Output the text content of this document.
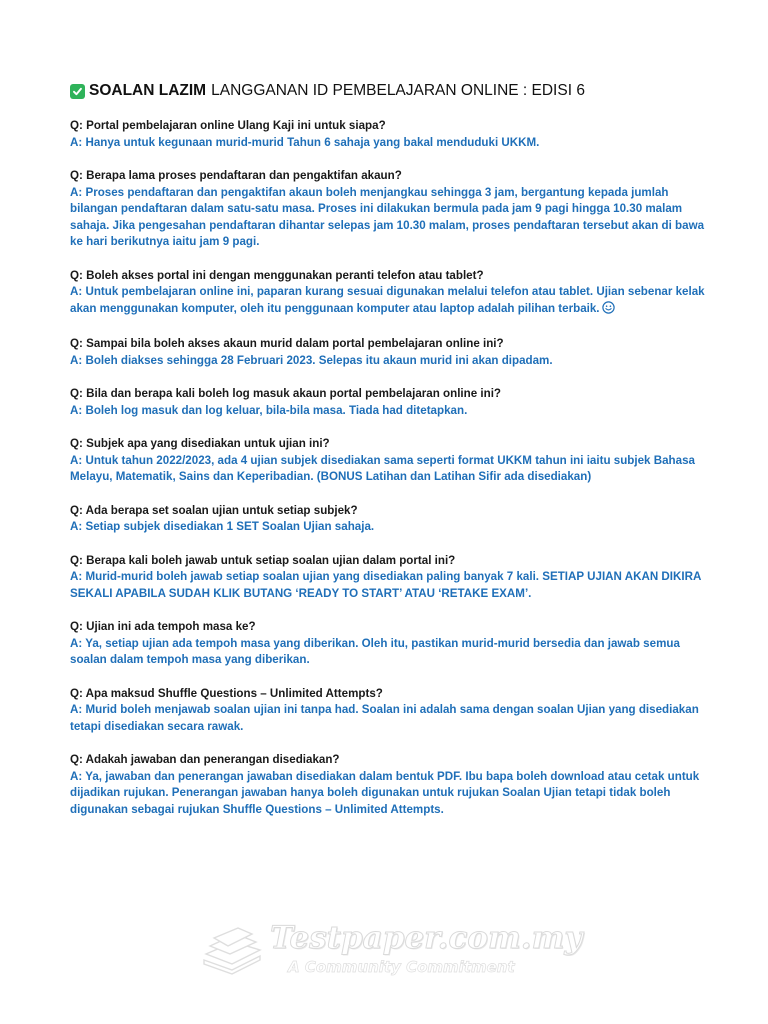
SOALAN LAZIM LANGGANAN ID PEMBELAJARAN ONLINE : EDISI 6
Q: Portal pembelajaran online Ulang Kaji ini untuk siapa?
A: Hanya untuk kegunaan murid-murid Tahun 6 sahaja yang bakal menduduki UKKM.
Q: Berapa lama proses pendaftaran dan pengaktifan akaun?
A: Proses pendaftaran dan pengaktifan akaun boleh menjangkau sehingga 3 jam, bergantung kepada jumlah bilangan pendaftaran dalam satu-satu masa. Proses ini dilakukan bermula pada jam 9 pagi hingga 10.30 malam sahaja. Jika pengesahan pendaftaran dihantar selepas jam 10.30 malam, proses pendaftaran tersebut akan di bawa ke hari berikutnya iaitu jam 9 pagi.
Q: Boleh akses portal ini dengan menggunakan peranti telefon atau tablet?
A: Untuk pembelajaran online ini, paparan kurang sesuai digunakan melalui telefon atau tablet. Ujian sebenar kelak akan menggunakan komputer, oleh itu penggunaan komputer atau laptop adalah pilihan terbaik.
Q: Sampai bila boleh akses akaun murid dalam portal pembelajaran online ini?
A: Boleh diakses sehingga 28 Februari 2023. Selepas itu akaun murid ini akan dipadam.
Q: Bila dan berapa kali boleh log masuk akaun portal pembelajaran online ini?
A: Boleh log masuk dan log keluar, bila-bila masa. Tiada had ditetapkan.
Q: Subjek apa yang disediakan untuk ujian ini?
A: Untuk tahun 2022/2023, ada 4 ujian subjek disediakan sama seperti format UKKM tahun ini iaitu subjek Bahasa Melayu, Matematik, Sains dan Keperibadian. (BONUS Latihan dan Latihan Sifir ada disediakan)
Q: Ada berapa set soalan ujian untuk setiap subjek?
A: Setiap subjek disediakan 1 SET Soalan Ujian sahaja.
Q: Berapa kali boleh jawab untuk setiap soalan ujian dalam portal ini?
A: Murid-murid boleh jawab setiap soalan ujian yang disediakan paling banyak 7 kali. SETIAP UJIAN AKAN DIKIRA SEKALI APABILA SUDAH KLIK BUTANG ‘READY TO START’ ATAU ‘RETAKE EXAM’.
Q: Ujian ini ada tempoh masa ke?
A: Ya, setiap ujian ada tempoh masa yang diberikan. Oleh itu, pastikan murid-murid bersedia dan jawab semua soalan dalam tempoh masa yang diberikan.
Q: Apa maksud Shuffle Questions – Unlimited Attempts?
A: Murid boleh menjawab soalan ujian ini tanpa had. Soalan ini adalah sama dengan soalan Ujian yang disediakan tetapi disediakan secara rawak.
Q: Adakah jawaban dan penerangan disediakan?
A: Ya, jawaban dan penerangan jawaban disediakan dalam bentuk PDF. Ibu bapa boleh download atau cetak untuk dijadikan rujukan. Penerangan jawaban hanya boleh digunakan untuk rujukan Soalan Ujian tetapi tidak boleh digunakan sebagai rujukan Shuffle Questions – Unlimited Attempts.
Testpaper.com.my
A Community Commitment
